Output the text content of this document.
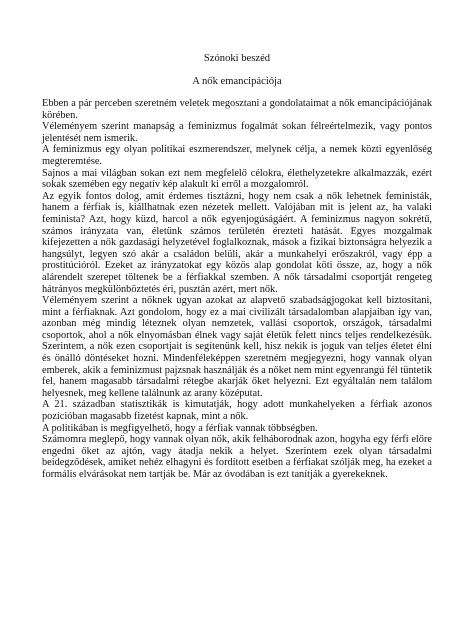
Szónoki beszéd

A nők emancipációja

Ebben a pár perceben szeretném veletek megosztani a gondolataimat a nők emancipációjának körében.

Véleményem szerint manapság a feminizmus fogalmát sokan félreértelmezik, vagy pontos jelentését nem ismerik.

A feminizmus egy olyan politikai eszmerendszer, melynek célja, a nemek közti egyenlőség megteremtése.

Sajnos a mai világban sokan ezt nem megfelelő célokra, élethelyzetekre alkalmazzák, ezért sokak szemében egy negatív kép alakult ki erről a mozgalomról.

Az egyik fontos dolog, amit érdemes tisztázni, hogy nem csak a nők lehetnek feministák, hanem a férfiak is, kiállhatnak ezen nézetek mellett. Valójában mit is jelent az, ha valaki feminista? Azt, hogy küzd, harcol a nők egyenjogúságáért. A feminizmus nagyon sokrétű, számos irányzata van, életünk számos területén érezteti hatását. Egyes mozgalmak kifejezetten a nők gazdasági helyzetével foglalkoznak, mások a fizikai biztonságra helyezik a hangsúlyt, legyen szó akár a családon belüli, akár a munkahelyi erőszakról, vagy épp a prostitúcióról. Ezeket az irányzatokat egy közös alap gondolat köti össze, az, hogy a nők alárendelt szerepet töltenek be a férfiakkal szemben. A nők társadalmi csoportját rengeteg hátrányos megkülönböztetés éri, pusztán azért, mert nők.

Véleményem szerint a nőknek ugyan azokat az alapvető szabadságjogokat kell biztosítani, mint a férfiaknak. Azt gondolom, hogy ez a mai civilizált társadalomban alapjaiban így van, azonban még mindig léteznek olyan nemzetek, vallási csoportok, országok, társadalmi csoportok, ahol a nők elnyomásban élnek vagy saját életük felett nincs teljes rendelkezésük. Szerintem, a nők ezen csoportjait is segítenünk kell, hisz nekik is joguk van teljes életet élni és önálló döntéseket hozni. Mindenféleképpen szeretném megjegyezni, hogy vannak olyan emberek, akik a feminizmust pajzsnak használják és a nőket nem mint egyenrangú fél tüntetik fel, hanem magasabb társadalmi rétegbe akarják őket helyezni. Ezt egyáltalán nem találom helyesnek, meg kellene találnunk az arany középutat.

A 21. században statisztikák is kimutatják, hogy adott munkahelyeken a férfiak azonos pozícióban magasabb fizetést kapnak, mint a nők.

A politikában is megfigyelhető, hogy a férfiak vannak többségben.

Számomra meglepő, hogy vannak olyan nők, akik felháborodnak azon, hogyha egy férfi előre engedni őket az ajtón, vagy átadja nekik a helyet. Szerintem ezek olyan társadalmi beidegződések, amiket nehéz elhagyni és fordított esetben a férfiakat szólják meg, ha ezeket a formális elvárásokat nem tartják be. Már az óvodában is ezt tanítják a gyerekeknek.
